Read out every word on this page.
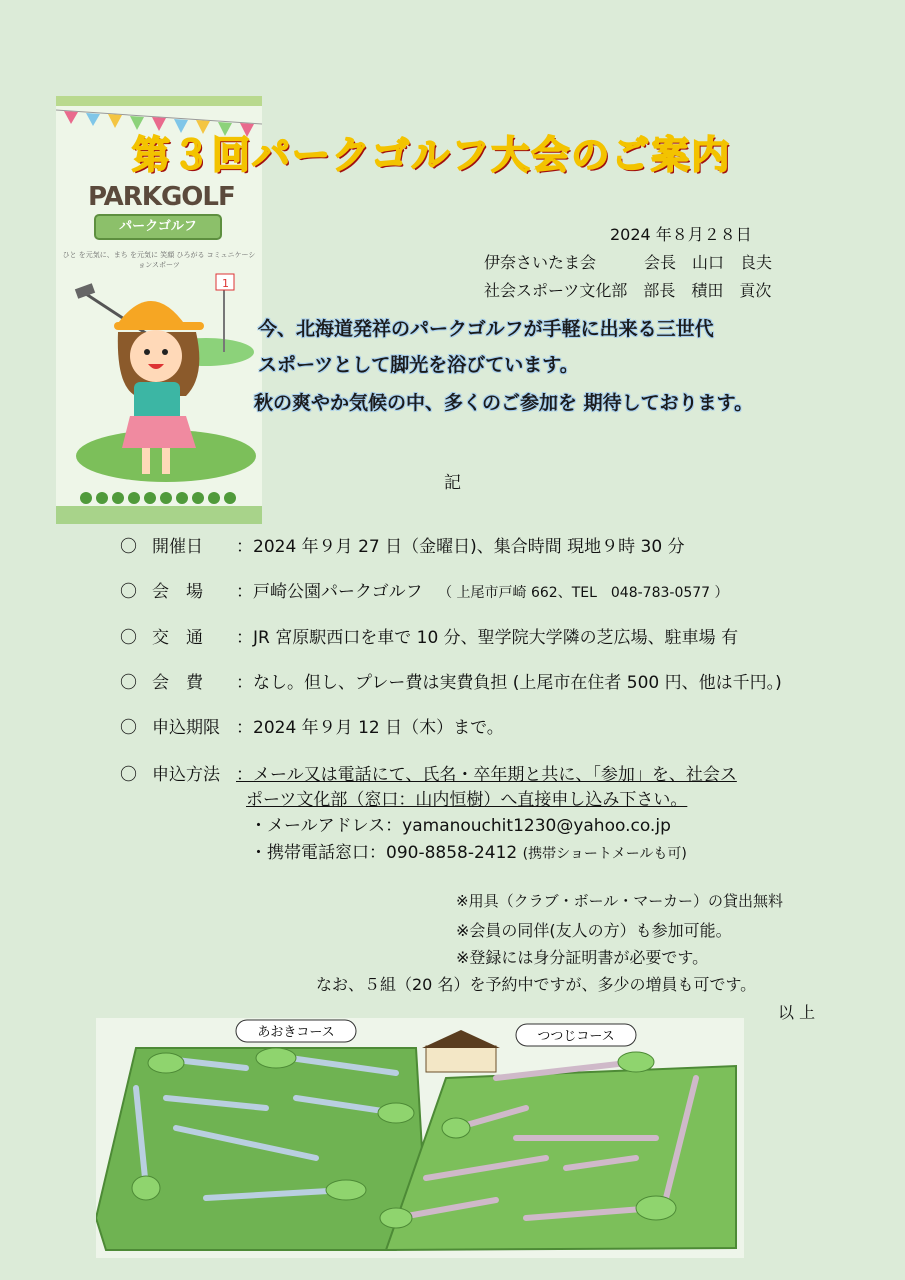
PARKGOLF
パークゴルフ
ひと を元気に、まち を元気に 笑顔 ひろがる コミュニケーションスポーツ
1
第３回パークゴルフ大会のご案内
2024 年８月２８日
伊奈さいたま会　　　会長　山口　良夫
社会スポーツ文化部　部長　積田　貢次
今、北海道発祥のパークゴルフが手軽に出来る三世代
スポーツとして脚光を浴びています。
秋の爽やか気候の中、多くのご参加を 期待しております。
記
〇 開催日 ：2024 年９月 27 日（金曜日)、集合時間 現地９時 30 分
〇 会　場 ：戸崎公園パークゴルフ （ 上尾市戸崎 662、TEL　048-783-0577 ）
〇 交　通 ：JR 宮原駅西口を車で 10 分、聖学院大学隣の芝広場、駐車場 有
〇 会　費 ：なし。但し、プレー費は実費負担 (上尾市在住者 500 円、他は千円。)
〇 申込期限 ：2024 年９月 12 日（木）まで。
〇 申込方法 ：メール又は電話にて、氏名・卒年期と共に、「参加」を、社会ス
ポーツ文化部（窓口：山内恒樹）へ直接申し込み下さい。
・メールアドレス：yamanouchit1230@yahoo.co.jp
・携帯電話窓口：090-8858-2412 (携帯ショートメールも可)
※用具（クラブ・ボール・マーカー）の貸出無料
※会員の同伴(友人の方）も参加可能。
※登録には身分証明書が必要です。
なお、５組（20 名）を予約中ですが、多少の増員も可です。
以 上
あおきコース	つつじコース
